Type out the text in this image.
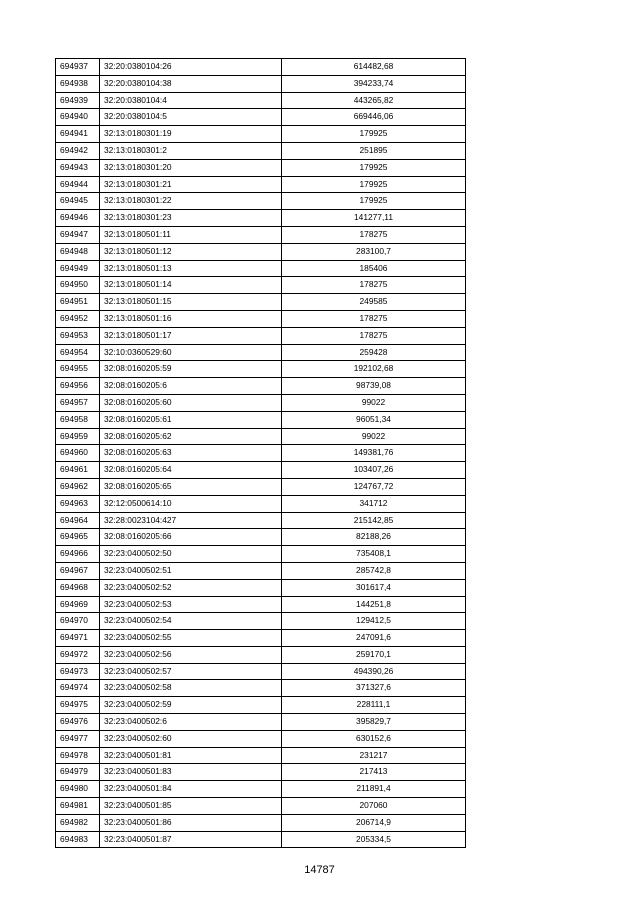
694937	32:20:0380104:26	614482,68
694938	32:20:0380104:38	394233,74
694939	32:20:0380104:4	443265,82
694940	32:20:0380104:5	669446,06
694941	32:13:0180301:19	179925
694942	32:13:0180301:2	251895
694943	32:13:0180301:20	179925
694944	32:13:0180301:21	179925
694945	32:13:0180301:22	179925
694946	32:13:0180301:23	141277,11
694947	32:13:0180501:11	178275
694948	32:13:0180501:12	283100,7
694949	32:13:0180501:13	185406
694950	32:13:0180501:14	178275
694951	32:13:0180501:15	249585
694952	32:13:0180501:16	178275
694953	32:13:0180501:17	178275
694954	32:10:0360529:60	259428
694955	32:08:0160205:59	192102,68
694956	32:08:0160205:6	98739,08
694957	32:08:0160205:60	99022
694958	32:08:0160205:61	96051,34
694959	32:08:0160205:62	99022
694960	32:08:0160205:63	149381,76
694961	32:08:0160205:64	103407,26
694962	32:08:0160205:65	124767,72
694963	32:12:0500614:10	341712
694964	32:28:0023104:427	215142,85
694965	32:08:0160205:66	82188,26
694966	32:23:0400502:50	735408,1
694967	32:23:0400502:51	285742,8
694968	32:23:0400502:52	301617,4
694969	32:23:0400502:53	144251,8
694970	32:23:0400502:54	129412,5
694971	32:23:0400502:55	247091,6
694972	32:23:0400502:56	259170,1
694973	32:23:0400502:57	494390,26
694974	32:23:0400502:58	371327,6
694975	32:23:0400502:59	228111,1
694976	32:23:0400502:6	395829,7
694977	32:23:0400502:60	630152,6
694978	32:23:0400501:81	231217
694979	32:23:0400501:83	217413
694980	32:23:0400501:84	211891,4
694981	32:23:0400501:85	207060
694982	32:23:0400501:86	206714,9
694983	32:23:0400501:87	205334,5
14787
